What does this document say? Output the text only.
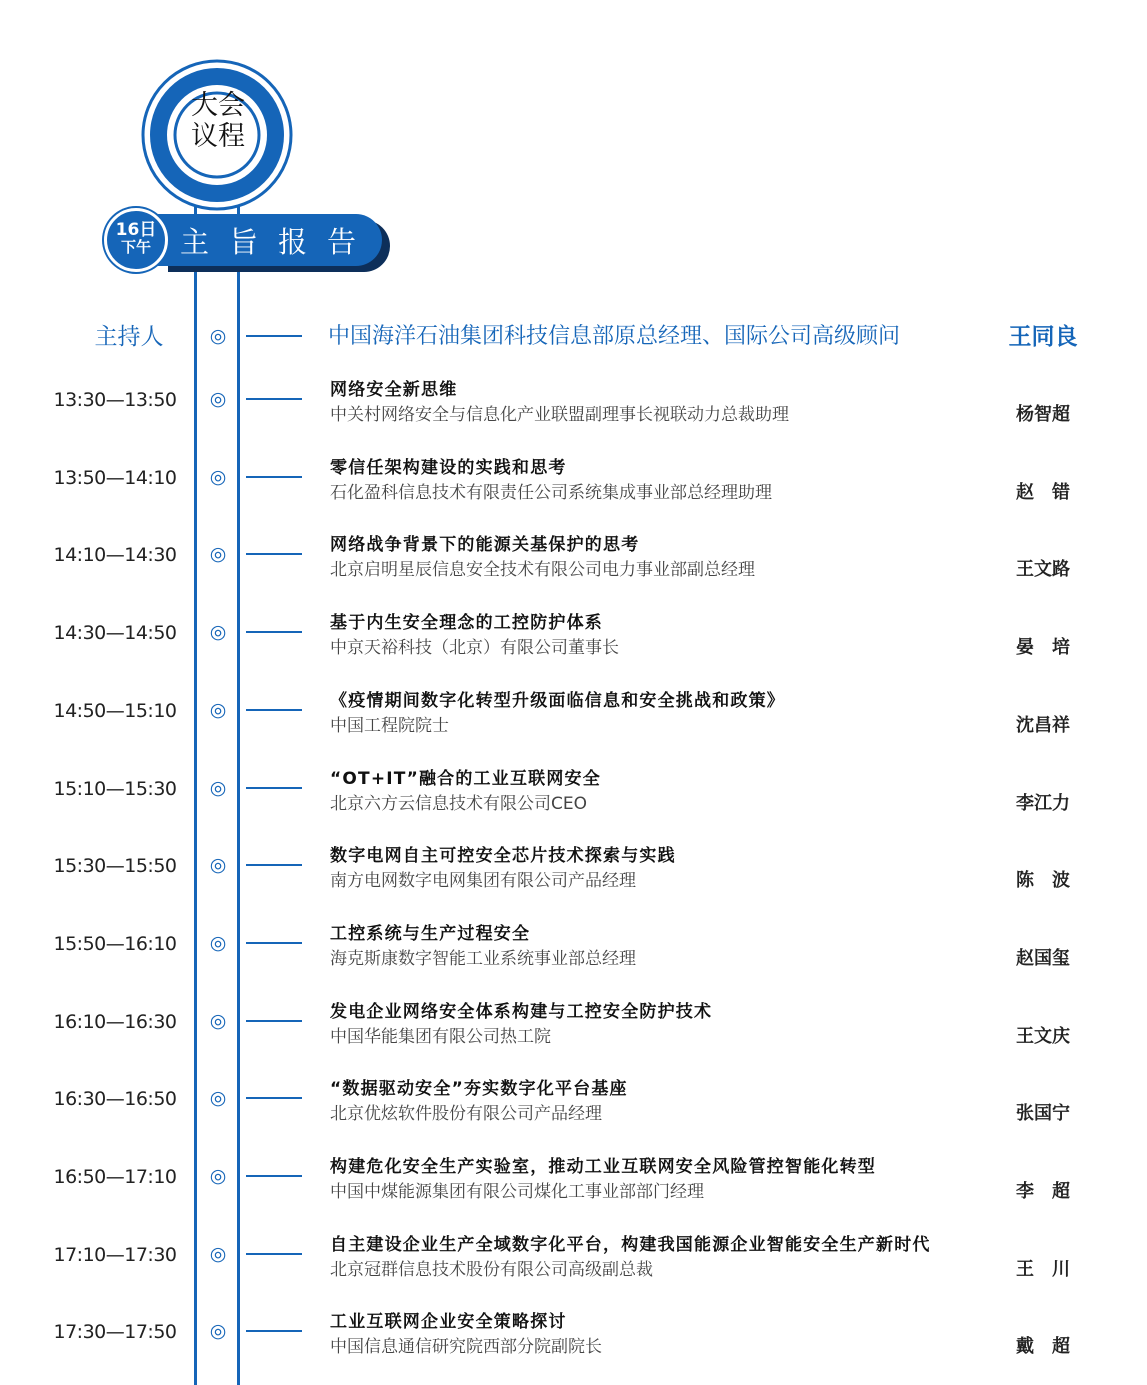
大会
议程
主旨报告
16日
下午
主持人	◎	中国海洋石油集团科技信息部原总经理、国际公司高级顾问	王同良
13:30—13:50	◎	网络安全新思维
中关村网络安全与信息化产业联盟副理事长视联动力总裁助理	杨智超
13:50—14:10	◎	零信任架构建设的实践和思考
石化盈科信息技术有限责任公司系统集成事业部总经理助理	赵　错
14:10—14:30	◎	网络战争背景下的能源关基保护的思考
北京启明星辰信息安全技术有限公司电力事业部副总经理	王文路
14:30—14:50	◎	基于内生安全理念的工控防护体系
中京天裕科技（北京）有限公司董事长	晏　培
14:50—15:10	◎	《疫情期间数字化转型升级面临信息和安全挑战和政策》
中国工程院院士	沈昌祥
15:10—15:30	◎	“OT+IT”融合的工业互联网安全
北京六方云信息技术有限公司CEO	李江力
15:30—15:50	◎	数字电网自主可控安全芯片技术探索与实践
南方电网数字电网集团有限公司产品经理	陈　波
15:50—16:10	◎	工控系统与生产过程安全
海克斯康数字智能工业系统事业部总经理	赵国玺
16:10—16:30	◎	发电企业网络安全体系构建与工控安全防护技术
中国华能集团有限公司热工院	王文庆
16:30—16:50	◎	“数据驱动安全”夯实数字化平台基座
北京优炫软件股份有限公司产品经理	张国宁
16:50—17:10	◎	构建危化安全生产实验室，推动工业互联网安全风险管控智能化转型
中国中煤能源集团有限公司煤化工事业部部门经理	李　超
17:10—17:30	◎	自主建设企业生产全域数字化平台，构建我国能源企业智能安全生产新时代
北京冠群信息技术股份有限公司高级副总裁	王　川
17:30—17:50	◎	工业互联网企业安全策略探讨
中国信息通信研究院西部分院副院长	戴　超
